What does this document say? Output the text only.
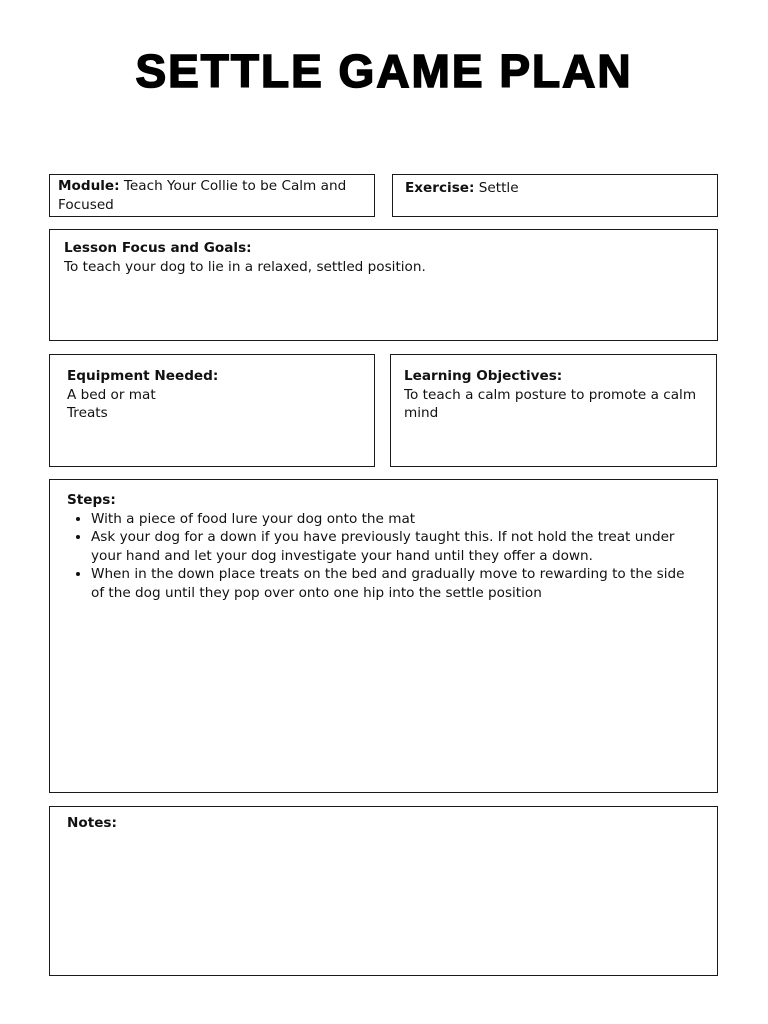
SETTLE GAME PLAN

Module: Teach Your Collie to be Calm and Focused

Exercise: Settle

Lesson Focus and Goals:

To teach your dog to lie in a relaxed, settled position.

Equipment Needed:

A bed or mat

Treats

Learning Objectives:

To teach a calm posture to promote a calm mind

Steps:

• With a piece of food lure your dog onto the mat
• Ask your dog for a down if you have previously taught this. If not hold the treat under your hand and let your dog investigate your hand until they offer a down.
• When in the down place treats on the bed and gradually move to rewarding to the side of the dog until they pop over onto one hip into the settle position

Notes:
